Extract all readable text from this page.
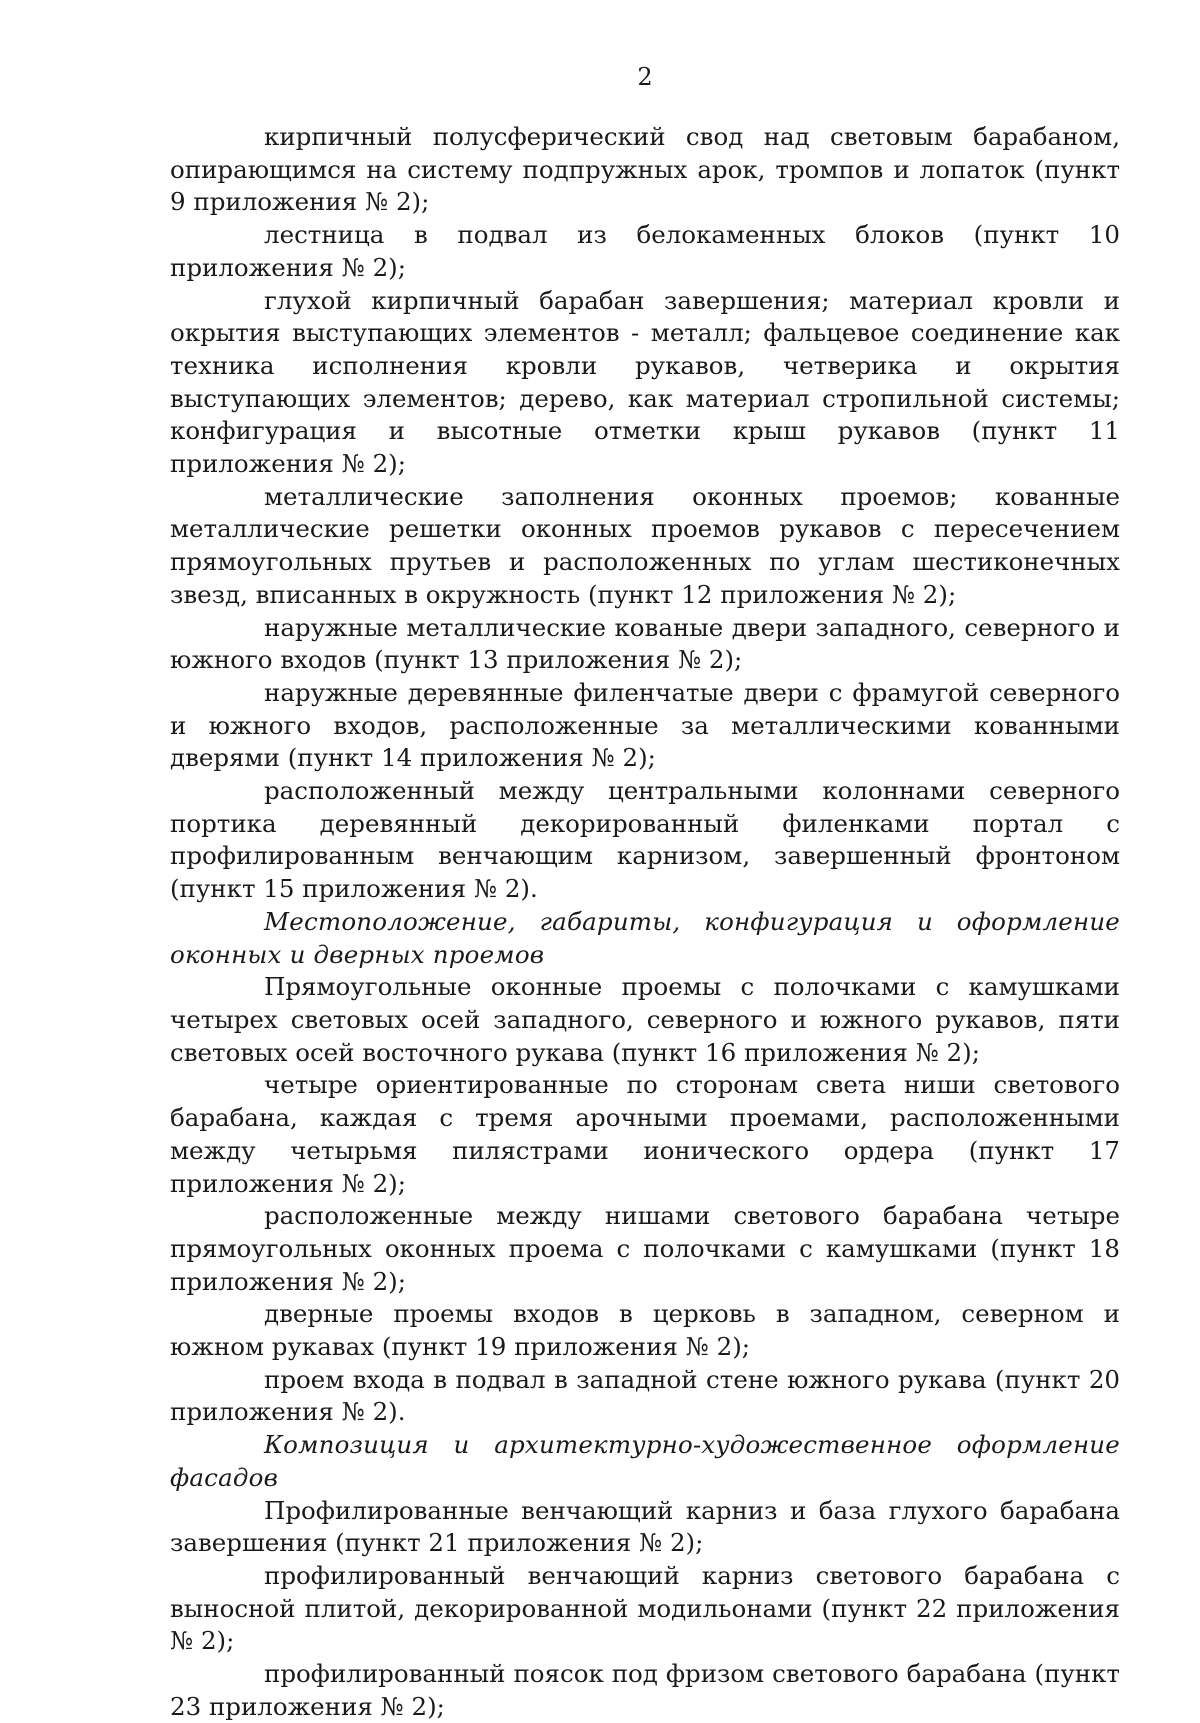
2

кирпичный полусферический свод над световым барабаном, опирающимся на систему подпружных арок, тромпов и лопаток (пункт 9 приложения № 2);

лестница в подвал из белокаменных блоков (пункт 10 приложения № 2);

глухой кирпичный барабан завершения; материал кровли и окрытия выступающих элементов - металл; фальцевое соединение как техника исполнения кровли рукавов, четверика и окрытия выступающих элементов; дерево, как материал стропильной системы; конфигурация и высотные отметки крыш рукавов (пункт 11 приложения № 2);

металлические заполнения оконных проемов; кованные металлические решетки оконных проемов рукавов с пересечением прямоугольных прутьев и расположенных по углам шестиконечных звезд, вписанных в окружность (пункт 12 приложения № 2);

наружные металлические кованые двери западного, северного и южного входов (пункт 13 приложения № 2);

наружные деревянные филенчатые двери с фрамугой северного и южного входов, расположенные за металлическими кованными дверями (пункт 14 приложения № 2);

расположенный между центральными колоннами северного портика деревянный декорированный филенками портал с профилированным венчающим карнизом, завершенный фронтоном (пункт 15 приложения № 2).

Местоположение, габариты, конфигурация и оформление оконных и дверных проемов

Прямоугольные оконные проемы с полочками с камушками четырех световых осей западного, северного и южного рукавов, пяти световых осей восточного рукава (пункт 16 приложения № 2);

четыре ориентированные по сторонам света ниши светового барабана, каждая с тремя арочными проемами, расположенными между четырьмя пилястрами ионического ордера (пункт 17 приложения № 2);

расположенные между нишами светового барабана четыре прямоугольных оконных проема с полочками с камушками (пункт 18 приложения № 2);

дверные проемы входов в церковь в западном, северном и южном рукавах (пункт 19 приложения № 2);

проем входа в подвал в западной стене южного рукава (пункт 20 приложения № 2).

Композиция и архитектурно-художественное оформление фасадов

Профилированные венчающий карниз и база глухого барабана завершения (пункт 21 приложения № 2);

профилированный венчающий карниз светового барабана с выносной плитой, декорированной модильонами (пункт 22 приложения № 2);

профилированный поясок под фризом светового барабана (пункт 23 приложения № 2);
